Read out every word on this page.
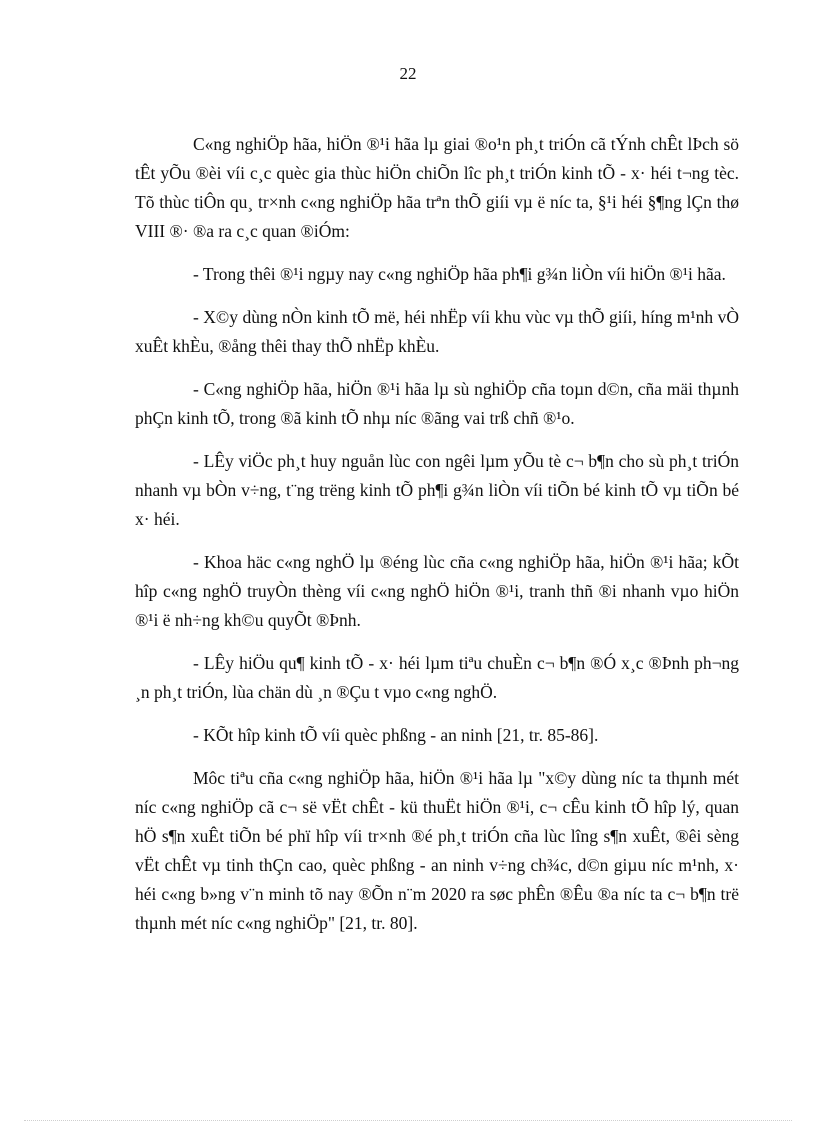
22

C«ng nghiÖp hãa, hiÖn ®¹i hãa lµ giai ®o¹n ph¸t triÓn cã tÝnh chÊt lÞch sö tÊt yÕu ®èi víi c¸c quèc gia thùc hiÖn chiÕn lîc ph¸t triÓn kinh tÕ - x· héi t¬ng tèc. Tõ thùc tiÔn qu¸ tr×nh c«ng nghiÖp hãa trªn thÕ giíi vµ ë níc ta, §¹i héi §¶ng lÇn thø VIII ®· ®a ra c¸c quan ®iÓm:

- Trong thêi ®¹i ngµy nay c«ng nghiÖp hãa ph¶i g¾n liÒn víi hiÖn ®¹i hãa.

- X©y dùng nÒn kinh tÕ më, héi nhËp víi khu vùc vµ thÕ giíi, híng m¹nh vÒ xuÊt khÈu, ®ång thêi thay thÕ nhËp khÈu.

- C«ng nghiÖp hãa, hiÖn ®¹i hãa lµ sù nghiÖp cña toµn d©n, cña mäi thµnh phÇn kinh tÕ, trong ®ã kinh tÕ nhµ níc ®ãng vai trß chñ ®¹o.

- LÊy viÖc ph¸t huy nguån lùc con ngêi lµm yÕu tè c¬ b¶n cho sù ph¸t triÓn nhanh vµ bÒn v÷ng, t¨ng trëng kinh tÕ ph¶i g¾n liÒn víi tiÕn bé kinh tÕ vµ tiÕn bé x· héi.

- Khoa häc c«ng nghÖ lµ ®éng lùc cña c«ng nghiÖp hãa, hiÖn ®¹i hãa; kÕt hîp c«ng nghÖ truyÒn thèng víi c«ng nghÖ hiÖn ®¹i, tranh thñ ®i nhanh vµo hiÖn ®¹i ë nh÷ng kh©u quyÕt ®Þnh.

- LÊy hiÖu qu¶ kinh tÕ - x· héi lµm tiªu chuÈn c¬ b¶n ®Ó x¸c ®Þnh ph¬ng ¸n ph¸t triÓn, lùa chän dù ¸n ®Çu t vµo c«ng nghÖ.

- KÕt hîp kinh tÕ víi quèc phßng - an ninh [21, tr. 85-86].

Môc tiªu cña c«ng nghiÖp hãa, hiÖn ®¹i hãa lµ "x©y dùng níc ta thµnh mét níc c«ng nghiÖp cã c¬ së vËt chÊt - kü thuËt hiÖn ®¹i, c¬ cÊu kinh tÕ hîp lý, quan hÖ s¶n xuÊt tiÕn bé phï hîp víi tr×nh ®é ph¸t triÓn cña lùc lîng s¶n xuÊt, ®êi sèng vËt chÊt vµ tinh thÇn cao, quèc phßng - an ninh v÷ng ch¾c, d©n giµu níc m¹nh, x· héi c«ng b»ng v¨n minh tõ nay ®Õn n¨m 2020 ra søc phÊn ®Êu ®a níc ta c¬ b¶n trë thµnh mét níc c«ng nghiÖp" [21, tr. 80].
